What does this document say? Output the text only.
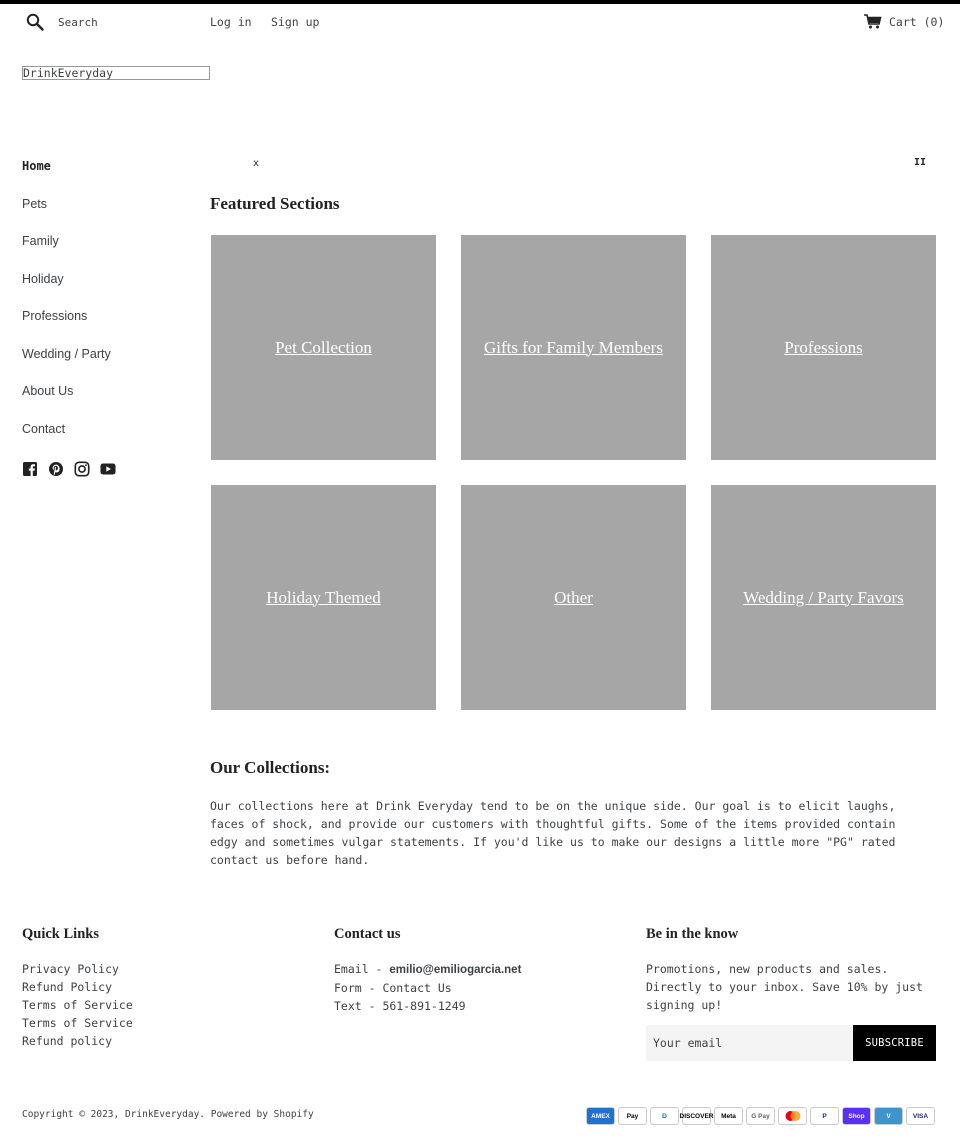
Search
Log in Sign up	Cart (0)
DrinkEveryday
Home
Pets
Family
Holiday
Professions
Wedding / Party
About Us
Contact
x	II
Featured Sections
Pet Collection	Gifts for Family Members	Professions
Holiday Themed	Other	Wedding / Party Favors
Our Collections:

Our collections here at Drink Everyday tend to be on the unique side. Our goal is to elicit laughs, faces of shock, and provide our customers with thoughtful gifts. Some of the items provided contain edgy and sometimes vulgar statements. If you'd like us to make our designs a little more "PG" rated contact us before hand.

Quick Links
Privacy Policy
Refund Policy
Terms of Service
Terms of Service
Refund policy
Contact us
Email - emilio@emiliogarcia.net
Form - Contact Us
Text - 561-891-1249
Be in the know

Promotions, new products and sales. Directly to your inbox. Save 10% by just signing up!

Your email
SUBSCRIBE
Copyright © 2023, DrinkEveryday. Powered by Shopify	AMEX	Pay	D	DISCOVER	Meta	G Pay	P	Shop	V	VISA
